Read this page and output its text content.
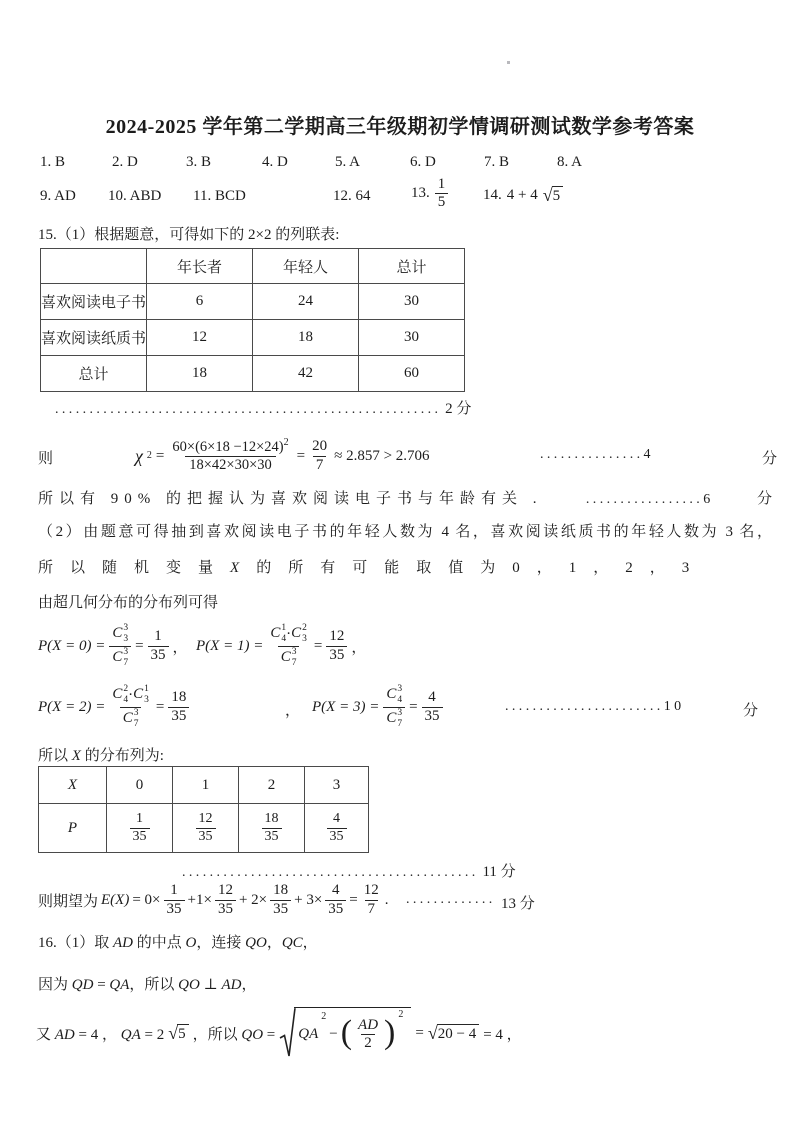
2024-2025 学年第二学期高三年级期初学情调研测试数学参考答案
1. B	2. D	3. B	4. D	5. A	6. D	7. B	8. A
9. AD 10. ABD 11. BCD	12. 64	13. $\frac{1}{5} 14$. 4 + 4 √ 5
15.（1）根据题意，可得如下的 2×2 的列联表:
	年长者	年轻人	总计
喜欢阅读电子书	6	24	30
喜欢阅读纸质书	12	18	30
总计	18	42	60
........................................................ 2 分
则	χ $2 = \frac{60\times(6\times 18 -12\times 24)^2}{18\times 42\times 30\times 30} = \frac{20}{7} \approx 2.857 > 2.706$	...............4	分
所以有 90% 的把握认为喜欢阅读电子书与年龄有关 .	.................6	分
（2）由题意可得抽到喜欢阅读电子书的年轻人数为 4 名，喜欢阅读纸质书的年轻人数为 3 名，
所以随机变量X的所有可能取值为0，1，2，3
由超几何分布的分布列可得
P(X = 0) = C 3
3
C 3
$7 = \frac{1}{35}$ ， P(X = 1) = C 1
4 · C 2
3
C 3
$7 = \frac{12}{35}$ ，
P(X = 2) = C 2
4 · C 1
3
C 3
$7 = \frac{18}{35}$	， P(X = 3) = C 3
4
C 3
$7 = \frac{4}{35}$	.......................10	分
所以 X 的分布列为:
X	0	1	2	3
P	$\frac{1}{35}$	$\frac{12}{35}$	$\frac{18}{35}$	$\frac{4}{35}$
........................................... 11 分
则期望为 $E(X) = 0\times \frac{1}{35} +1\times \frac{12}{35} + 2\times \frac{18}{35} + 3\times \frac{4}{35} = \frac{12}{7}$ . ............. 13 分
16.（1）取 AD 的中点 O，连接 QO，QC，
因为 QD = QA，所以 QO ⊥ AD，
又 AD = 4 ， QA = 2 √ 5 ，所以 QO = QA
2
− ( $\frac{AD}{2}$ ) 2
= √ 20 − 4 = 4 ，
